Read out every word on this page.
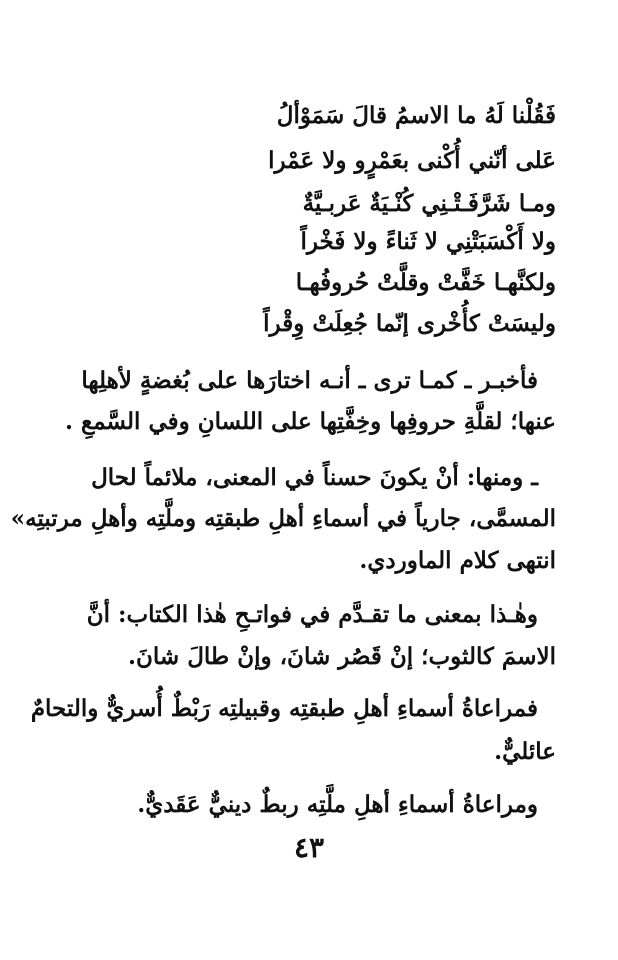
فَقُلْنا لَهُ ما الاسمُ قالَ سَمَوْألُ
عَلى أنّني أُكْنى بعَمْرٍو ولا عَمْرا
ومـا شَرَّفَـتْـنِي كُنْـيَةٌ عَربـيَّةٌ
ولا أَكْسَبَتْنِي لا ثَناءً ولا فَخْراً
ولكنَّهـا خَفَّتْ وقلَّتْ حُروفُهـا
وليسَتْ كأُخْرى إنّما جُعِلَتْ وِقْراً
فأخبـر ـ كمـا ترى ـ أنـه اختارَها على بُغضةٍ لأهلِها
عنها؛ لقلَّةِ حروفِها وخِفَّتِها على اللسانِ وفي السَّمعِ .
ـ ومنها: أنْ يكونَ حسناً في المعنى، ملائماً لحال
المسمَّى، جارياً في أسماءِ أهلِ طبقتِه وملَّتِه وأهلِ مرتبتِه»
انتهى كلام الماوردي.
وهٰـذا بمعنى ما تقـدَّم في فواتـحِ هٰذا الكتاب: أنَّ
الاسمَ كالثوب؛ إنْ قَصُر شانَ، وإنْ طالَ شانَ.
فمراعاةُ أسماءِ أهلِ طبقتِه وقبيلتِه رَبْطٌ أُسريٌّ والتحامٌ
عائليٌّ.
ومراعاةُ أسماءِ أهلِ ملَّتِه ربطٌ دينيٌّ عَقَديٌّ.
٤٣
